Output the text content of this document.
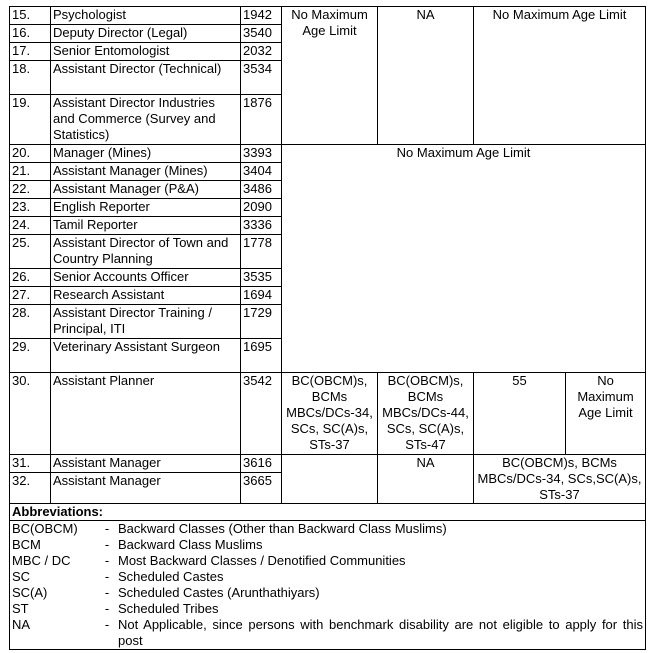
15.	Psychologist	1942	No Maximum Age Limit	NA	No Maximum Age Limit
16.	Deputy Director (Legal)	3540
17.	Senior Entomologist	2032
18.	Assistant Director (Technical)	3534
19.	Assistant Director Industries and Commerce (Survey and Statistics)	1876
20.	Manager (Mines)	3393	No Maximum Age Limit
21.	Assistant Manager (Mines)	3404
22.	Assistant Manager (P&A)	3486
23.	English Reporter	2090
24.	Tamil Reporter	3336
25.	Assistant Director of Town and Country Planning	1778
26.	Senior Accounts Officer	3535
27.	Research Assistant	1694
28.	Assistant Director Training / Principal, ITI	1729
29.	Veterinary Assistant Surgeon	1695
30.	Assistant Planner	3542	BC(OBCM)s, BCMs MBCs/DCs-34, SCs, SC(A)s, STs-37	BC(OBCM)s, BCMs MBCs/DCs-44, SCs, SC(A)s, STs-47	55	No Maximum Age Limit
31.	Assistant Manager	3616		NA	BC(OBCM)s, BCMs MBCs/DCs-34, SCs,SC(A)s, STs-37
32.	Assistant Manager	3665
Abbreviations:

BC(OBCM)	-	Backward Classes (Other than Backward Class Muslims)
BCM	-	Backward Class Muslims
MBC / DC	-	Most Backward Classes / Denotified Communities
SC	-	Scheduled Castes
SC(A)	-	Scheduled Castes (Arunthathiyars)
ST	-	Scheduled Tribes
NA	-	Not Applicable, since persons with benchmark disability are not eligible to apply for this post
